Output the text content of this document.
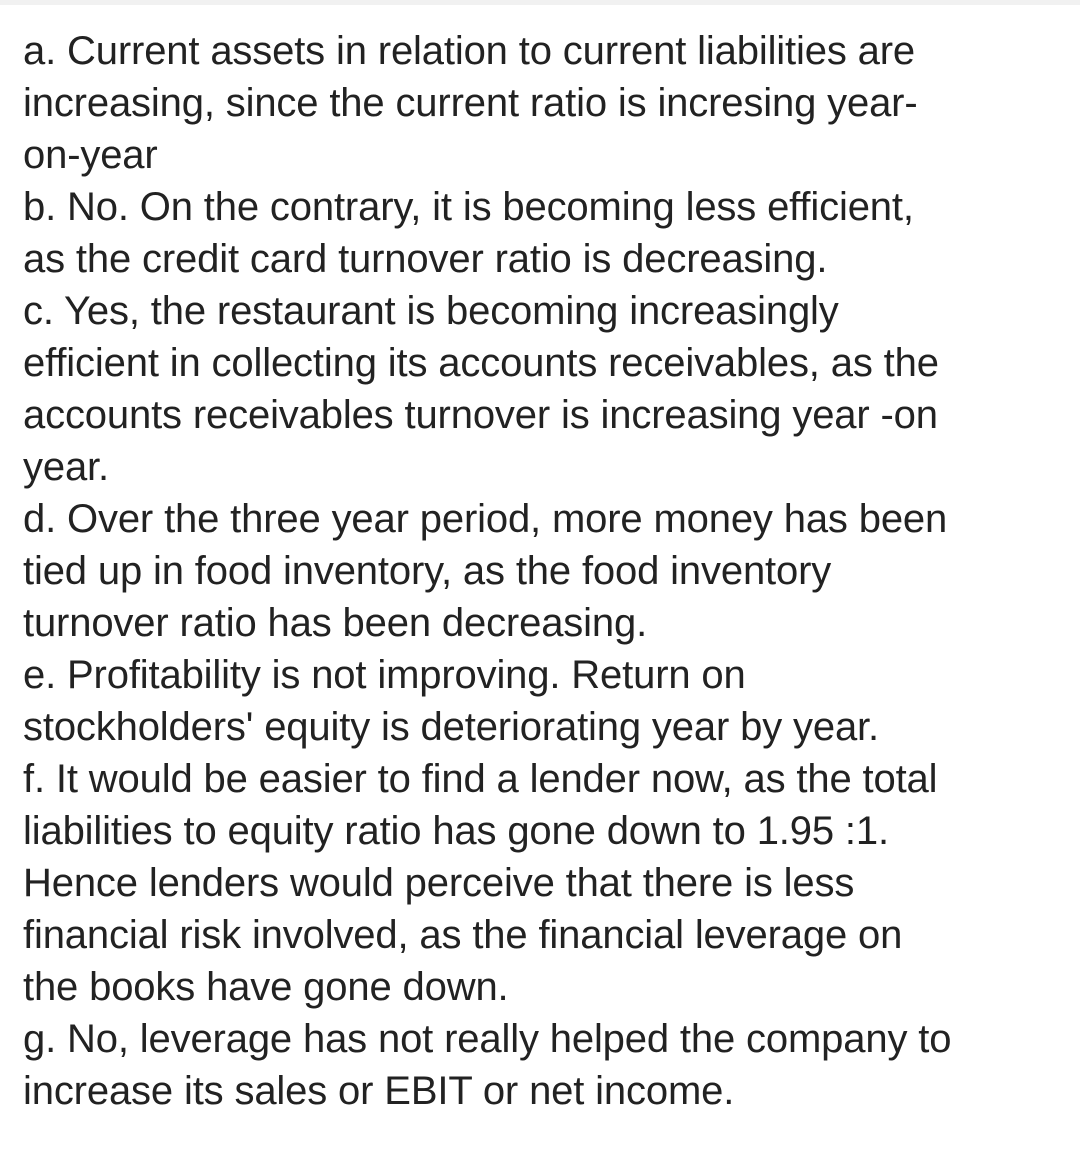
a. Current assets in relation to current liabilities are
increasing, since the current ratio is incresing year-
on-year
b. No. On the contrary, it is becoming less efficient,
as the credit card turnover ratio is decreasing.
c. Yes, the restaurant is becoming increasingly
efficient in collecting its accounts receivables, as the
accounts receivables turnover is increasing year -on
year.
d. Over the three year period, more money has been
tied up in food inventory, as the food inventory
turnover ratio has been decreasing.
e. Profitability is not improving. Return on
stockholders' equity is deteriorating year by year.
f. It would be easier to find a lender now, as the total
liabilities to equity ratio has gone down to 1.95 :1.
Hence lenders would perceive that there is less
financial risk involved, as the financial leverage on
the books have gone down.
g. No, leverage has not really helped the company to
increase its sales or EBIT or net income.
